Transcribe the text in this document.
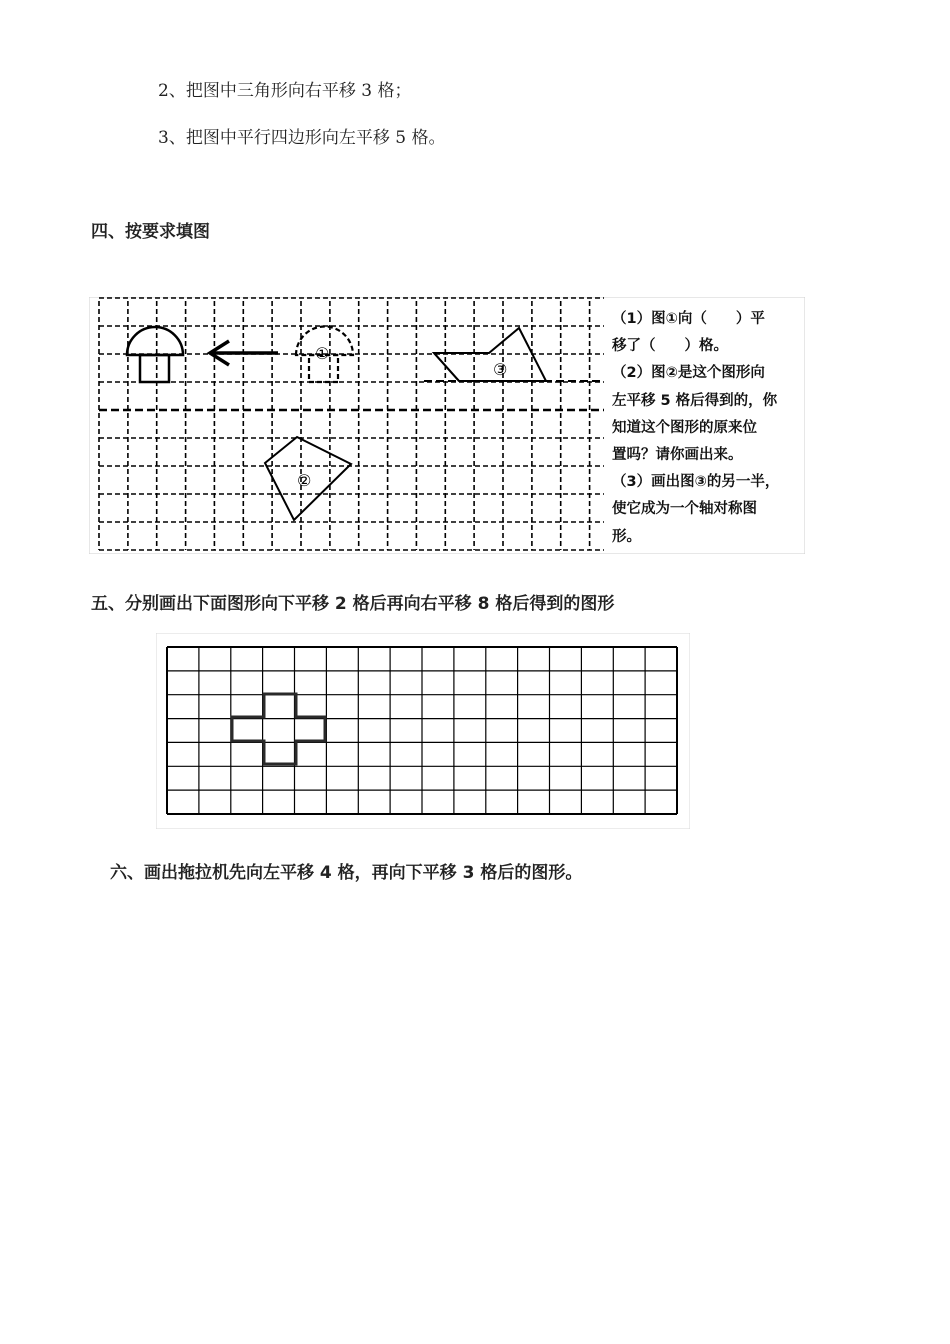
2、把图中三角形向右平移 3 格；
3、把图中平行四边形向左平移 5 格。
四、按要求填图
①
③
②
（1）图①向（　　）平
移了（　　）格。
（2）图②是这个图形向
左平移 5 格后得到的，你
知道这个图形的原来位
置吗？请你画出来。
（3）画出图③的另一半，
使它成为一个轴对称图
形。
五、分别画出下面图形向下平移 2 格后再向右平移 8 格后得到的图形
六、画出拖拉机先向左平移 4 格，再向下平移 3 格后的图形。
